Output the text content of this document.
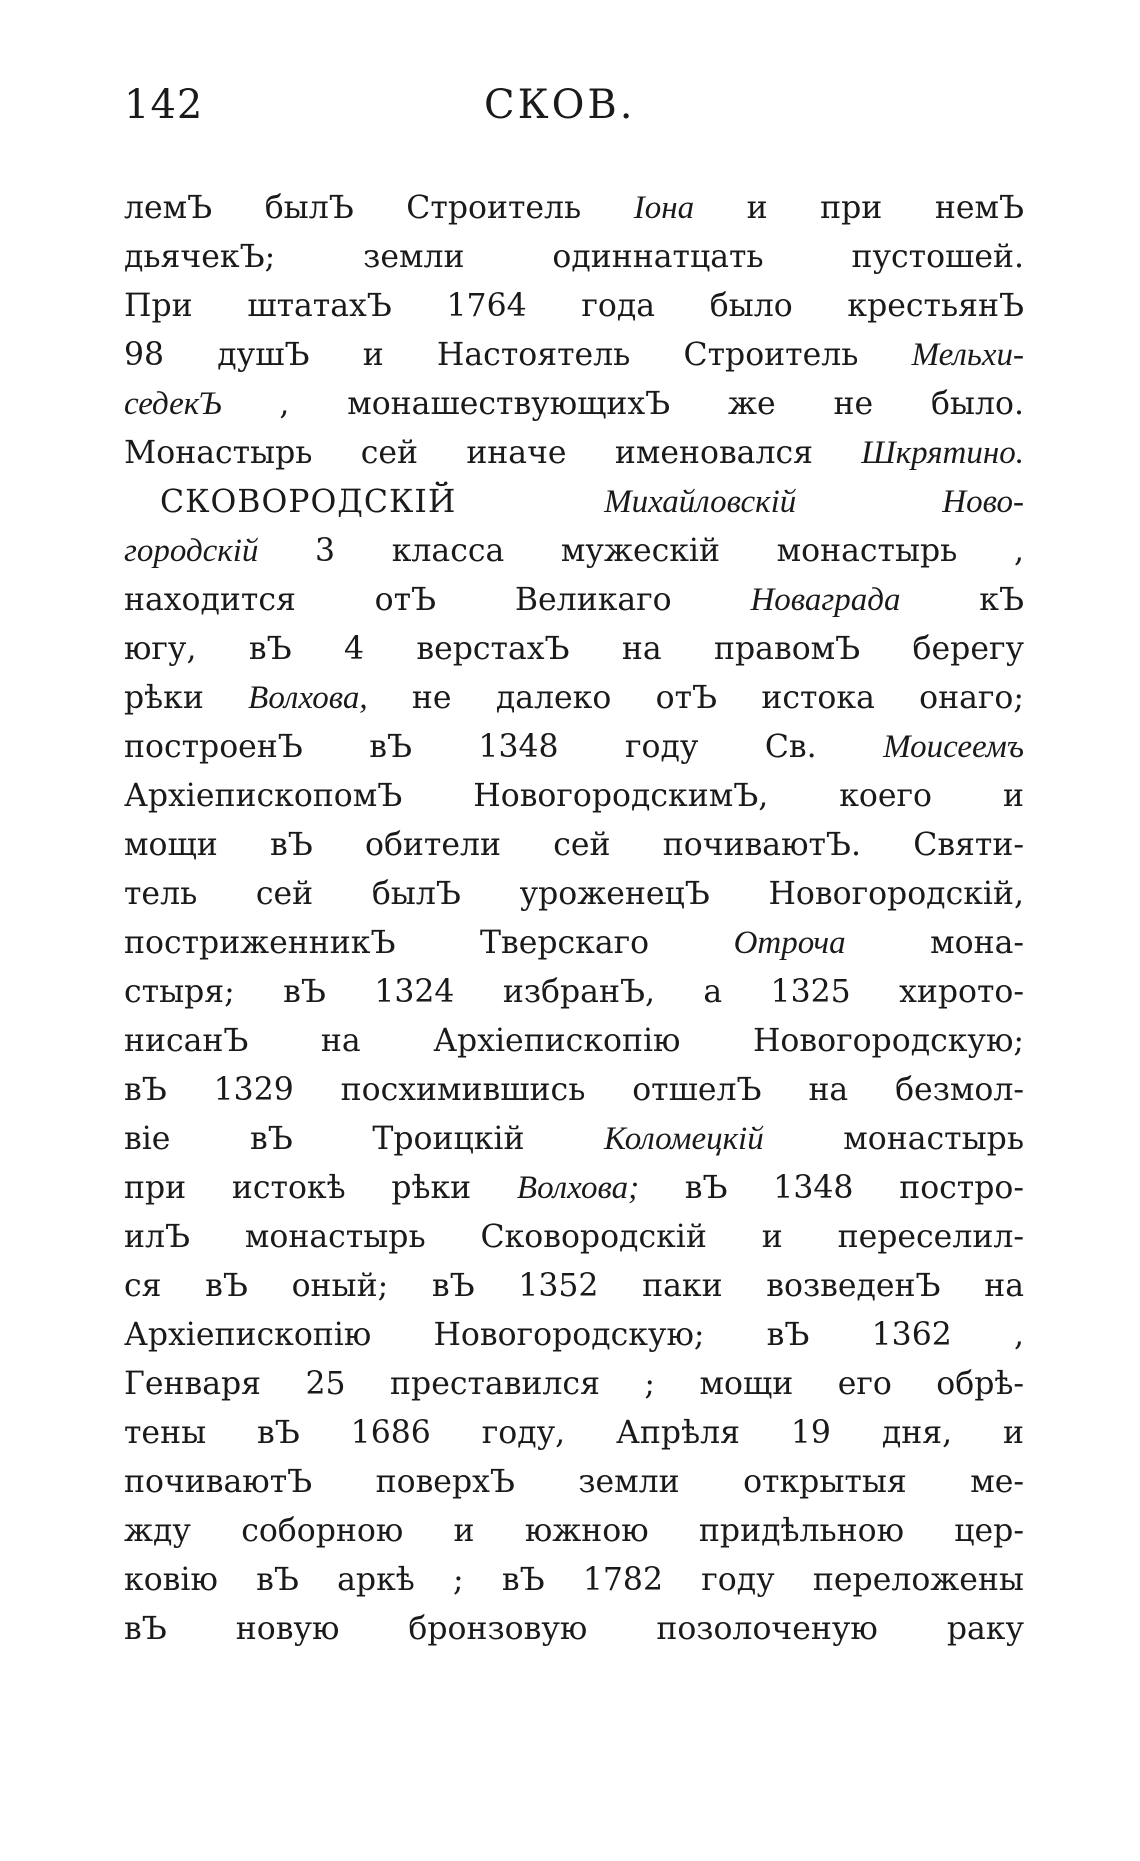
142	СКОВ.
лемЪ былЪ Строитель Іона и при немЪ
дьячекЪ; земли одиннатцать пустошей.
При штатахЪ 1764 года было крестьянЪ
98 душЪ и Настоятель Строитель Мельхи-
седекЪ , монашествующихЪ же не было.
Монастырь сей иначе именовался Шкрятино.
СКОВОРОДСКІЙ	Михайловскій Ново-
городскій 3 класса мужескій монастырь ,
находится отЪ Великаго Новаграда кЪ
югу, вЪ 4 верстахЪ на правомЪ берегу
рѣки Волхова, не далеко отЪ истока онаго;
построенЪ вЪ 1348 году Св. Моисеемъ
АрхіепископомЪ НовогородскимЪ, коего и
мощи вЪ обители сей почиваютЪ. Святи-
тель сей былЪ уроженецЪ Новогородскій,
постриженникЪ Тверскаго Отроча мона-
стыря; вЪ 1324 избранЪ, а 1325 хирото-
нисанЪ на Архіепископію Новогородскую;
вЪ 1329 посхимившись отшелЪ на безмол-
віе вЪ Троицкій Коломецкій монастырь
при истокѣ рѣки Волхова; вЪ 1348 постро-
илЪ монастырь Сковородскій и переселил-
ся вЪ оный; вЪ 1352 паки возведенЪ на
Архіепископію Новогородскую; вЪ 1362 ,
Генваря 25 преставился ; мощи его обрѣ-
тены вЪ 1686 году, Апрѣля 19 дня, и
почиваютЪ поверхЪ земли открытыя ме-
жду соборною и южною придѣльною цер-
ковію вЪ аркѣ ; вЪ 1782 году переложены
вЪ новую бронзовую позолоченую раку
